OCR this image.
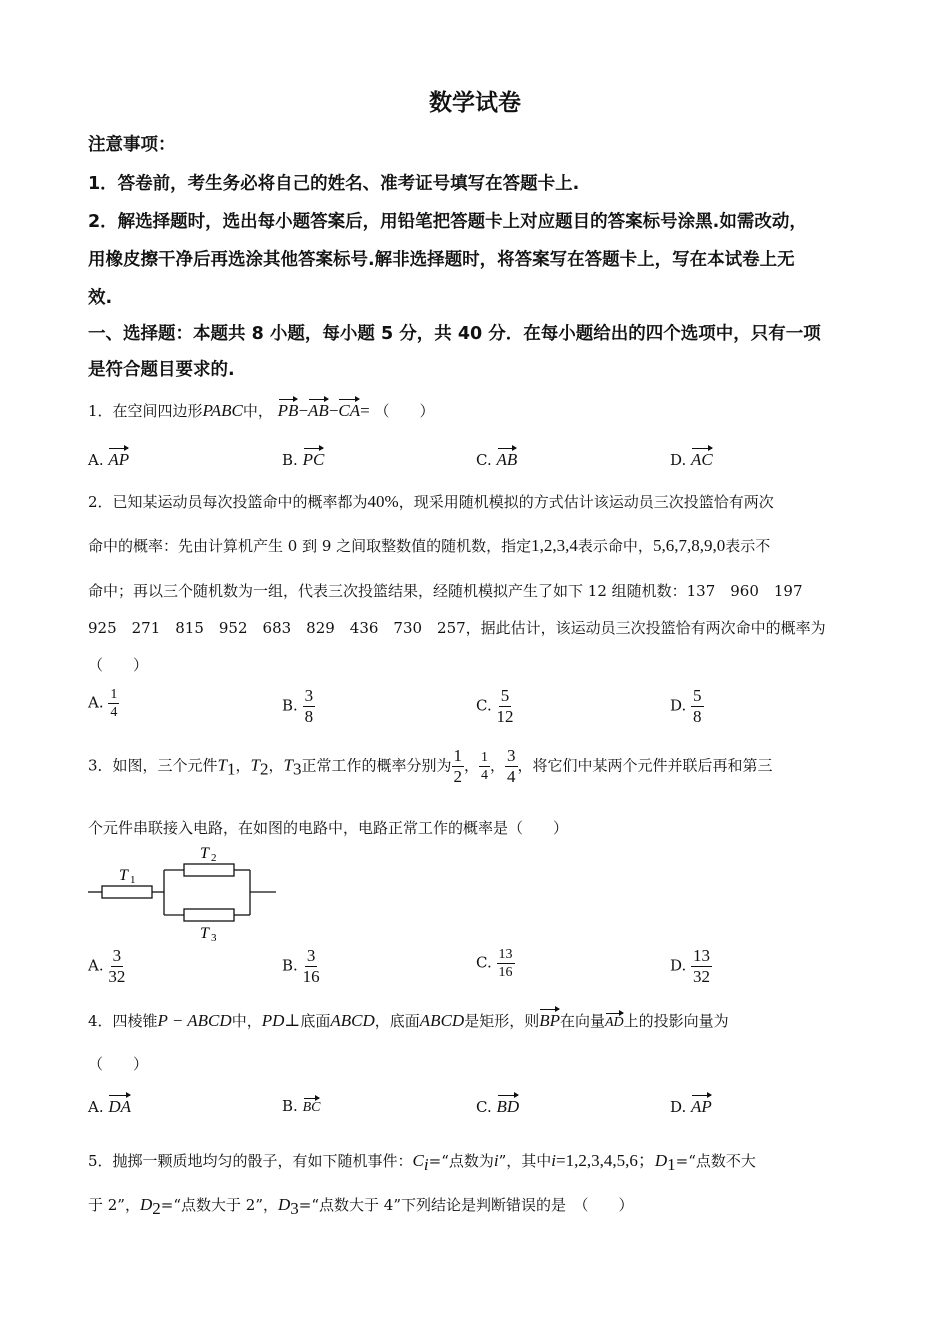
数学试卷
注意事项：
1．答卷前，考生务必将自己的姓名、准考证号填写在答题卡上.
2．解选择题时，选出每小题答案后，用铅笔把答题卡上对应题目的答案标号涂黑.如需改动，
用橡皮擦干净后再选涂其他答案标号.解非选择题时，将答案写在答题卡上，写在本试卷上无
效.
一、选择题：本题共 8 小题，每小题 5 分，共 40 分．在每小题给出的四个选项中，只有一项
是符合题目要求的.
1．在空间四边形PABC中， PB−AB−CA= （　　）
A. AP	B. PC	C. AB	D. AC
2．已知某运动员每次投篮命中的概率都为40%，现采用随机模拟的方式估计该运动员三次投篮恰有两次
命中的概率：先由计算机产生 0 到 9 之间取整数值的随机数，指定1,2,3,4表示命中，5,6,7,8,9,0表示不
命中；再以三个随机数为一组，代表三次投篮结果，经随机模拟产生了如下 12 组随机数：137　960　197
925　271　815　952　683　829　436　730　257，据此估计，该运动员三次投篮恰有两次命中的概率为
（　　）
A. $\frac{1}{4}$	B. $\frac{3}{8}$	C. $\frac{5}{12}$	D. $\frac{5}{8}$
3．如图，三个元件$T_1$，$T_2$，$T_3$正常工作的概率分别为 $\frac{1}{2}$ ， $\frac{1}{4}$ ， $\frac{3}{4}$ ，将它们中某两个元件并联后再和第三
个元件串联接入电路，在如图的电路中，电路正常工作的概率是（　　）
T 1
T 2
T 3
A. $\frac{3}{32}$	B. $\frac{3}{16}$	C. $\frac{13}{16}$	D. $\frac{13}{32}$
4．四棱锥P − ABCD中，PD⊥底面ABCD，底面ABCD是矩形，则BP在向量AD上的投影向量为
（　　）
A. DA	B. BC	C. BD	D. AP
5．抛掷一颗质地均匀的骰子，有如下随机事件：$C_i=“$点数为i”，其中i=1,2,3,4,5,6；$D_1=“$点数不大
于 2”，$D_2=“$点数大于 2”，$D_3=“$点数大于 4”下列结论是判断错误的是　（　　）
